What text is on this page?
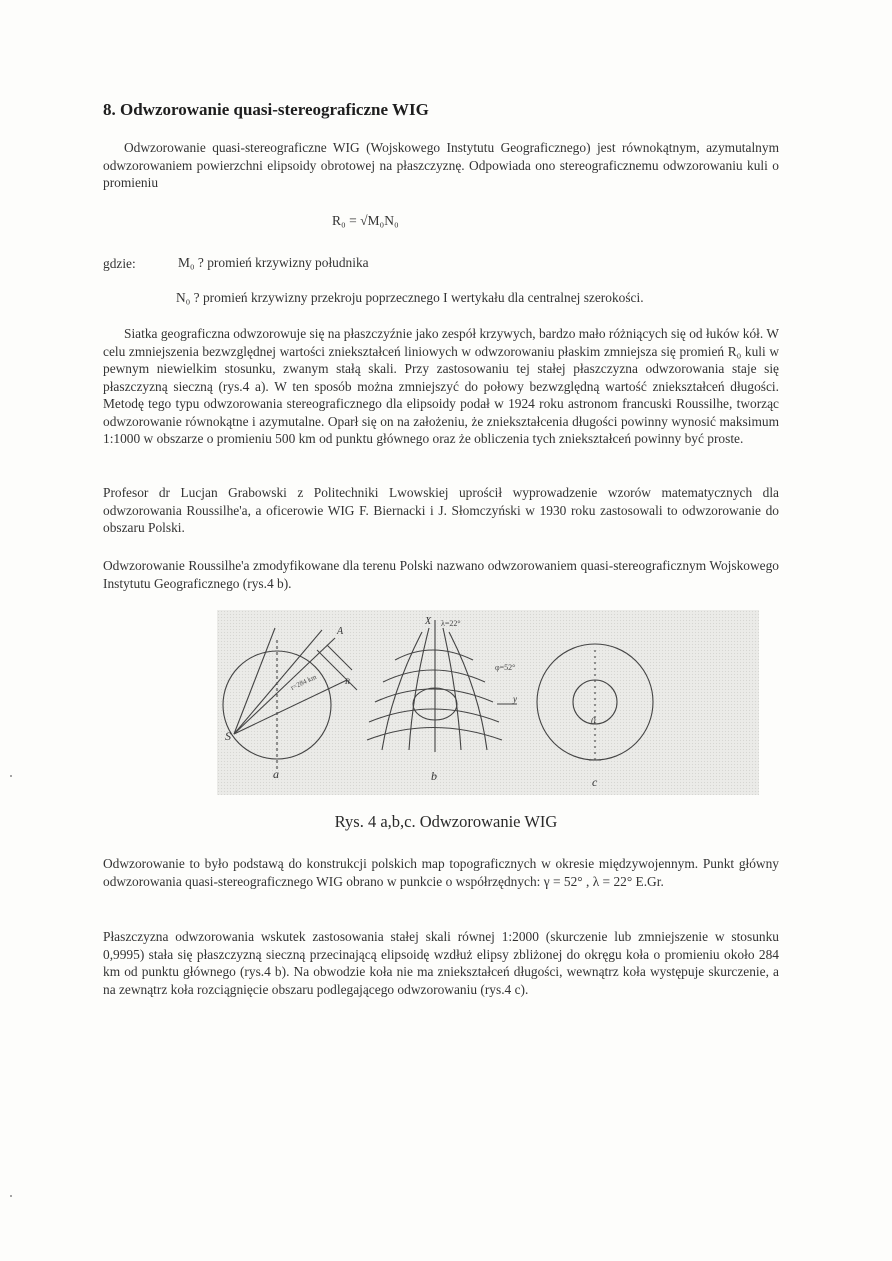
8. Odwzorowanie quasi-stereograficzne WIG
Odwzorowanie quasi-stereograficzne WIG (Wojskowego Instytutu Geograficznego) jest równokątnym, azymutalnym odwzorowaniem powierzchni elipsoidy obrotowej na płaszczyznę. Odpowiada ono stereograficznemu odwzorowaniu kuli o promieniu
R₀ = √M₀N₀
gdzie:	M₀ ? promień krzywizny południka
N₀ ? promień krzywizny przekroju poprzecznego I wertykału dla centralnej szerokości.
Siatka geograficzna odwzorowuje się na płaszczyźnie jako zespół krzywych, bardzo mało różniących się od łuków kół. W celu zmniejszenia bezwzględnej wartości zniekształceń liniowych w odwzorowaniu płaskim zmniejsza się promień R₀ kuli w pewnym niewielkim stosunku, zwanym stałą skali. Przy zastosowaniu tej stałej płaszczyzna odwzorowania staje się płaszczyzną sieczną (rys.4 a). W ten sposób można zmniejszyć do połowy bezwzględną wartość zniekształceń długości. Metodę tego typu odwzorowania stereograficznego dla elipsoidy podał w 1924 roku astronom francuski Roussilhe, tworząc odwzorowanie równokątne i azymutalne. Oparł się on na założeniu, że zniekształcenia długości powinny wynosić maksimum 1:1000 w obszarze o promieniu 500 km od punktu głównego oraz że obliczenia tych zniekształceń powinny być proste.
Profesor dr Lucjan Grabowski z Politechniki Lwowskiej uprościł wyprowadzenie wzorów matematycznych dla odwzorowania Roussilhe'a, a oficerowie WIG F. Biernacki i J. Słomczyński w 1930 roku zastosowali to odwzorowanie do obszaru Polski.
Odwzorowanie Roussilhe'a zmodyfikowane dla terenu Polski nazwano odwzorowaniem quasi-stereograficznym Wojskowego Instytutu Geograficznego (rys.4 b).
S
A
r=284 km	R
a
X λ=22°
φ=52°
y
b
0
c
Rys. 4 a,b,c. Odwzorowanie WIG
Odwzorowanie to było podstawą do konstrukcji polskich map topograficznych w okresie międzywojennym. Punkt główny odwzorowania quasi-stereograficznego WIG obrano w punkcie o współrzędnych: γ = 52° , λ = 22° E.Gr.
Płaszczyzna odwzorowania wskutek zastosowania stałej skali równej 1:2000 (skurczenie lub zmniejszenie w stosunku 0,9995) stała się płaszczyzną sieczną przecinającą elipsoidę wzdłuż elipsy zbliżonej do okręgu koła o promieniu około 284 km od punktu głównego (rys.4 b). Na obwodzie koła nie ma zniekształceń długości, wewnątrz koła występuje skurczenie, a na zewnątrz koła rozciągnięcie obszaru podlegającego odwzorowaniu (rys.4 c).
